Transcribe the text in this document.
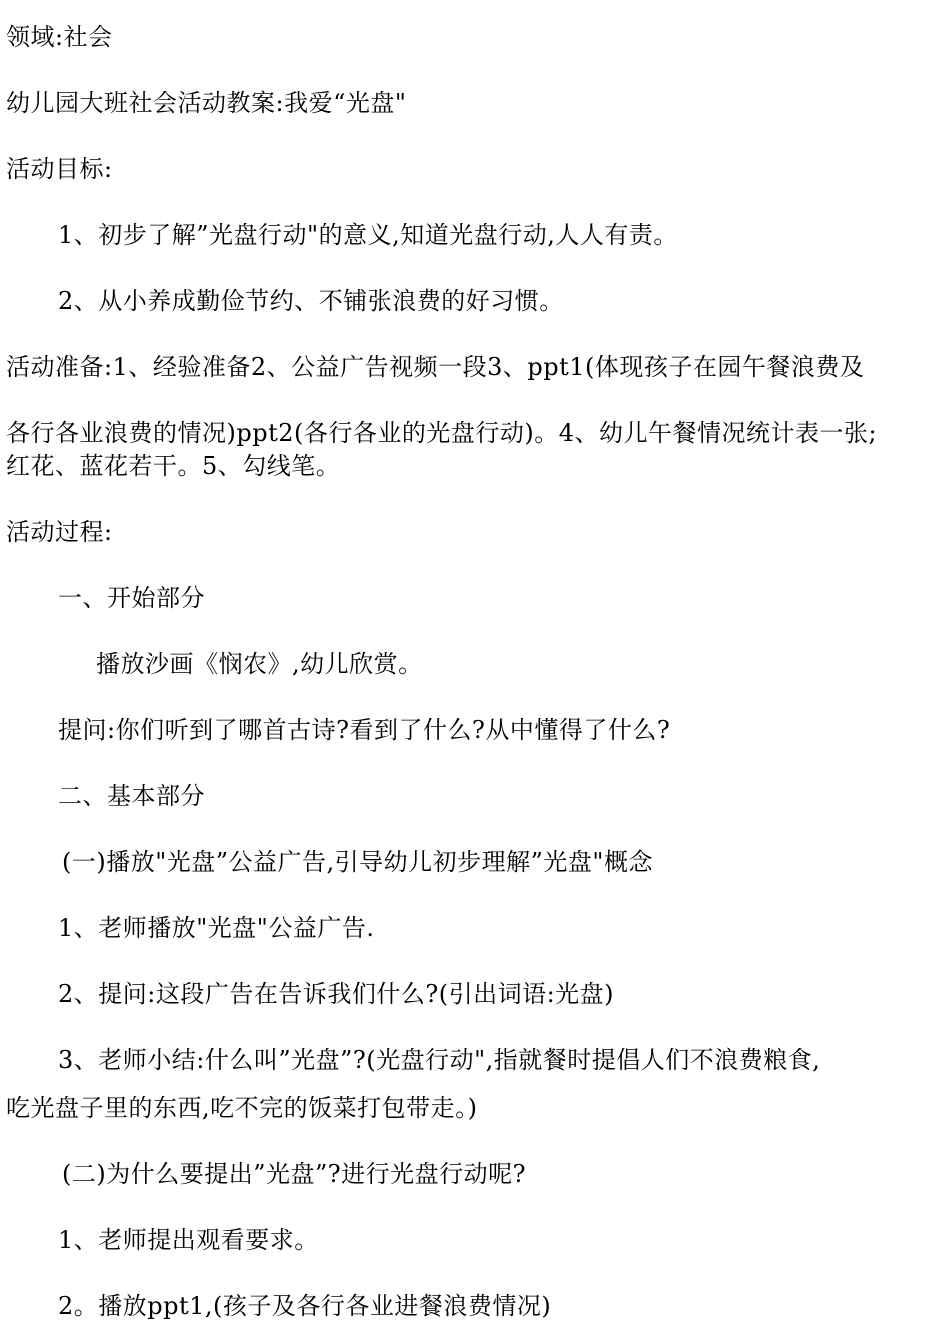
领域:社会
幼儿园大班社会活动教案:我爱“光盘"
活动目标:
1、初步了解”光盘行动"的意义,知道光盘行动,人人有责。
2、从小养成勤俭节约、不铺张浪费的好习惯。
活动准备:1、经验准备2、公益广告视频一段3、ppt1(体现孩子在园午餐浪费及
各行各业浪费的情况)ppt2(各行各业的光盘行动)。4、幼儿午餐情况统计表一张;
红花、蓝花若干。5、勾线笔。
活动过程:
一、开始部分
播放沙画《悯农》,幼儿欣赏。
提问:你们听到了哪首古诗?看到了什么?从中懂得了什么?
二、基本部分
(一)播放"光盘”公益广告,引导幼儿初步理解”光盘"概念
1、老师播放"光盘"公益广告.
2、提问:这段广告在告诉我们什么?(引出词语:光盘)
3、老师小结:什么叫”光盘”?(光盘行动",指就餐时提倡人们不浪费粮食,
吃光盘子里的东西,吃不完的饭菜打包带走。)
(二)为什么要提出”光盘”?进行光盘行动呢?
1、老师提出观看要求。
2。播放ppt1,(孩子及各行各业进餐浪费情况)
